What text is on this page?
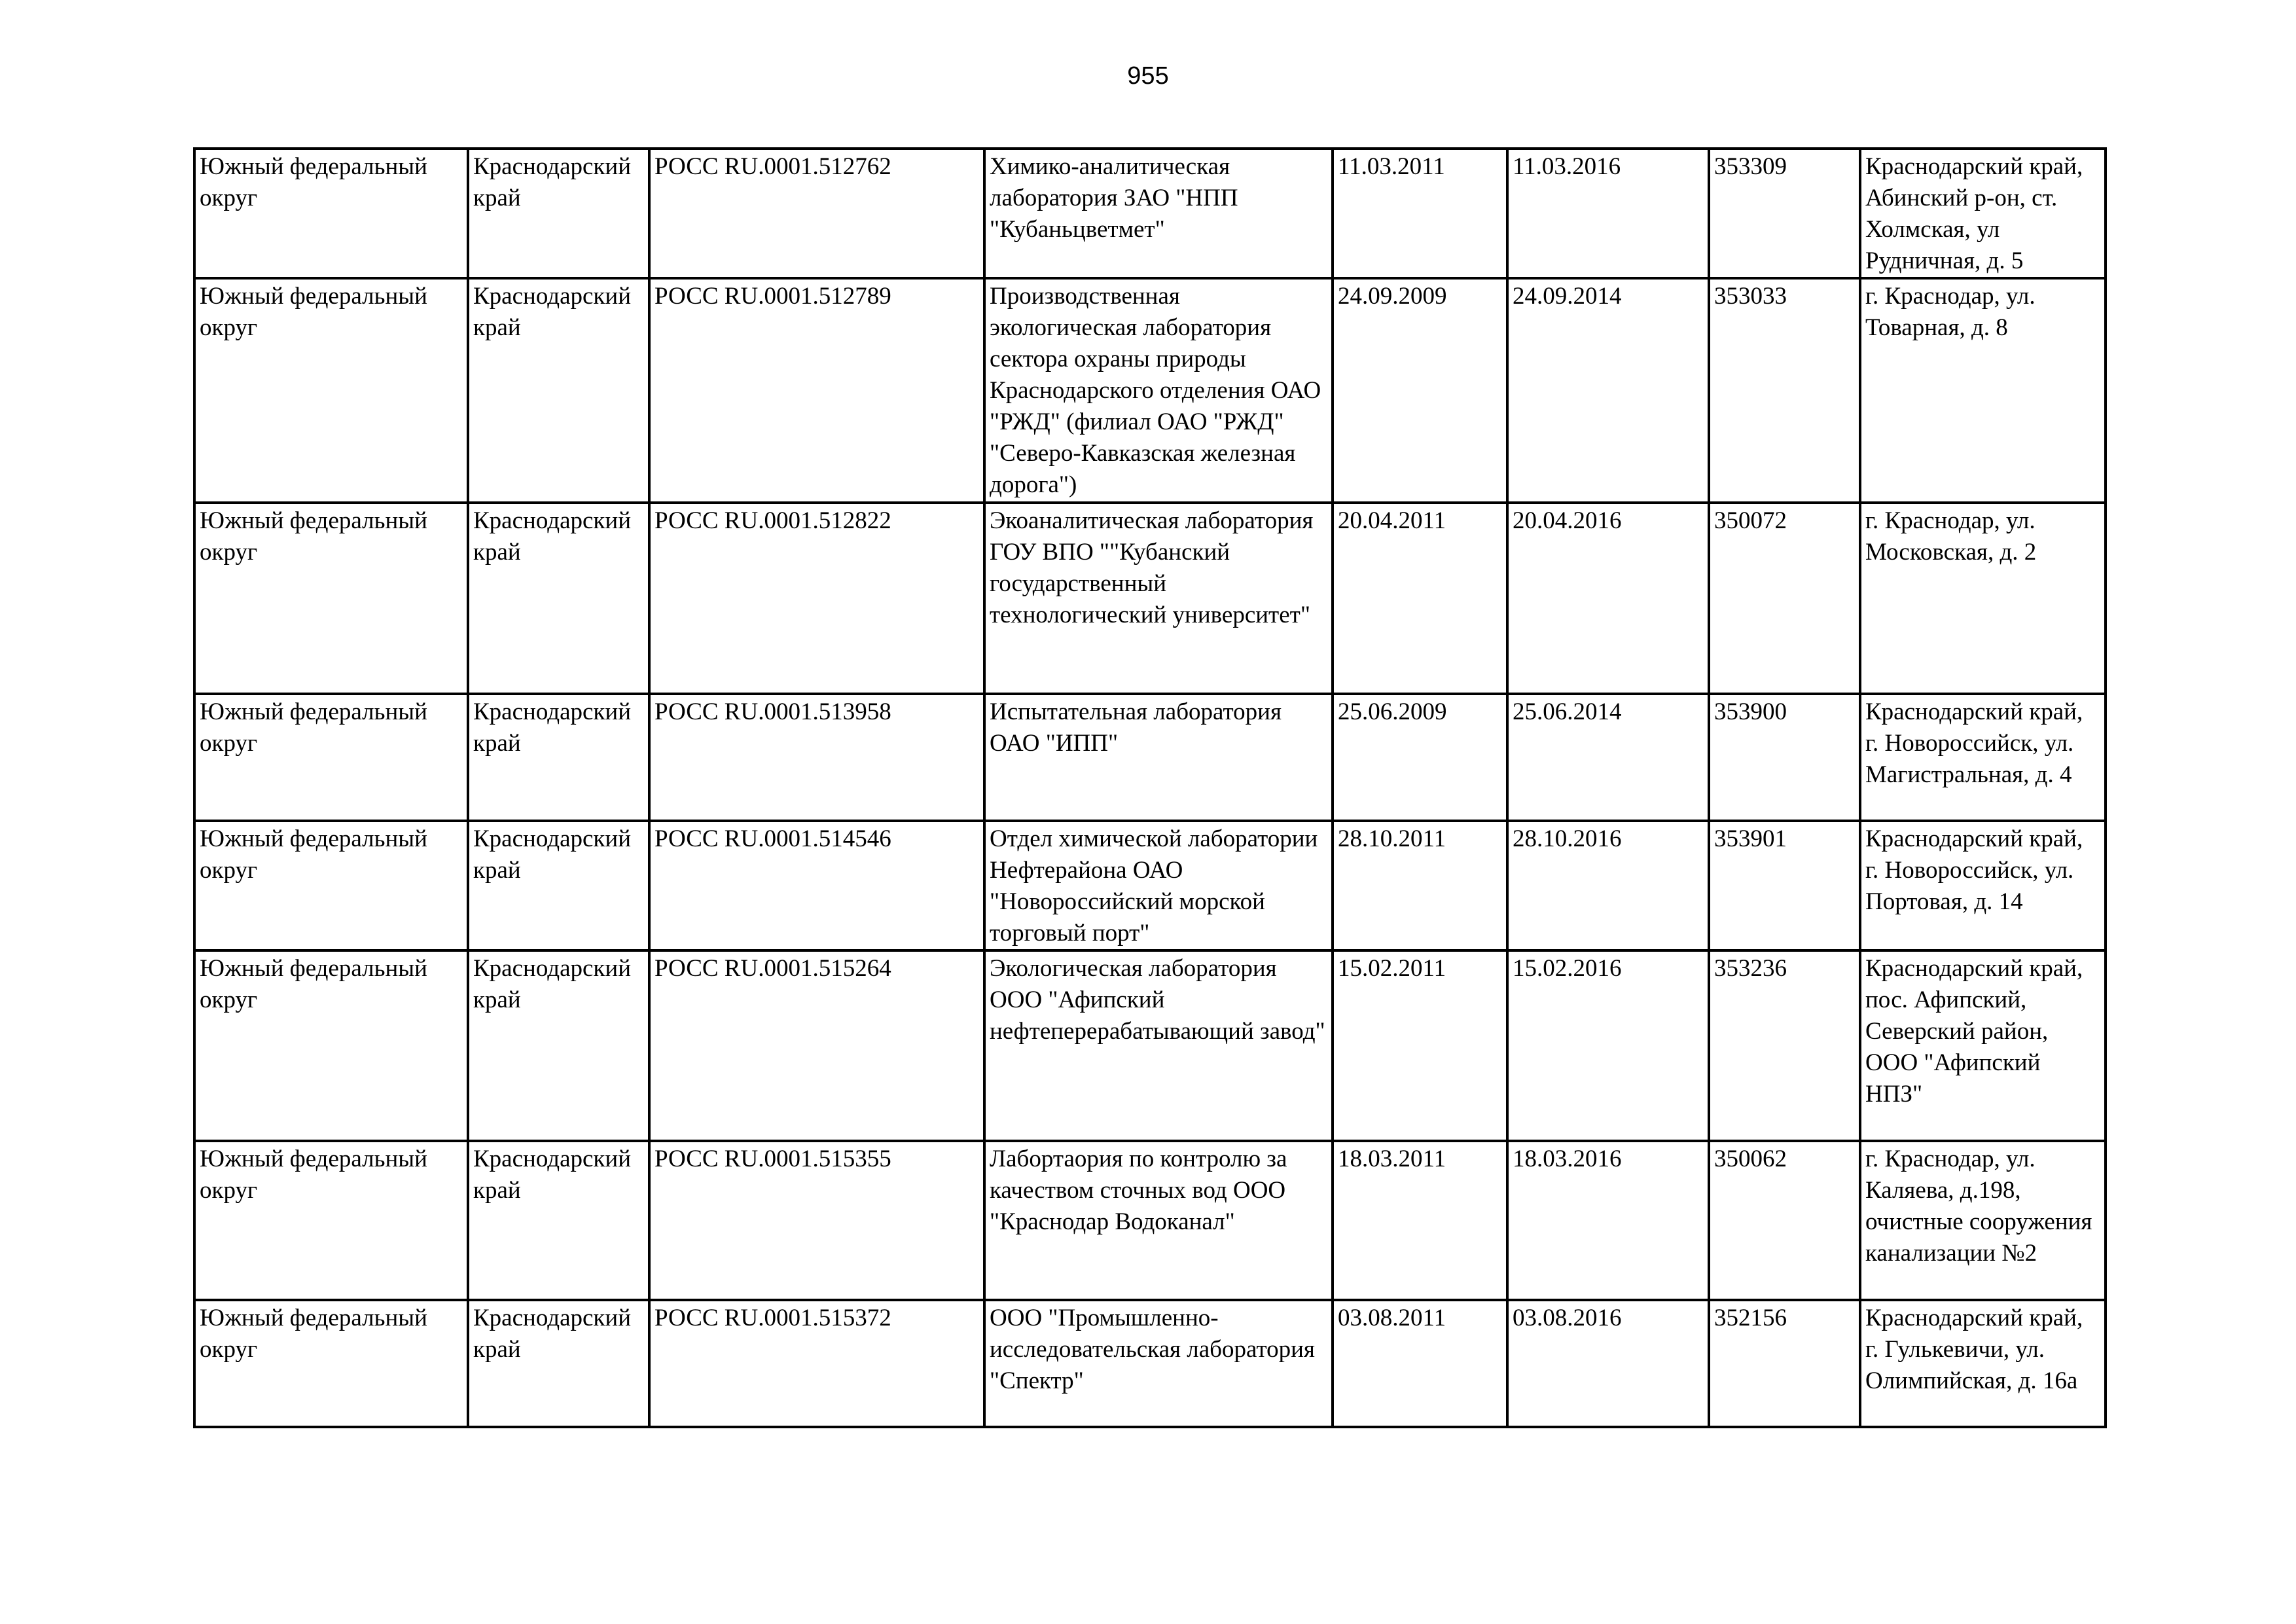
955
Южный федеральный округ	Краснодарский край	РОСС RU.0001.512762	Химико-аналитическая лаборатория ЗАО "НПП "Кубаньцветмет"	11.03.2011	11.03.2016	353309	Краснодарский край, Абинский р-он, ст. Холмская, ул Рудничная, д. 5
Южный федеральный округ	Краснодарский край	РОСС RU.0001.512789	Производственная экологическая лаборатория сектора охраны природы Краснодарского отделения ОАО "РЖД" (филиал ОАО "РЖД" "Северо-Кавказская железная дорога")	24.09.2009	24.09.2014	353033	г. Краснодар, ул. Товарная, д. 8
Южный федеральный округ	Краснодарский край	РОСС RU.0001.512822	Экоаналитическая лаборатория ГОУ ВПО ""Кубанский государственный технологический университет"	20.04.2011	20.04.2016	350072	г. Краснодар, ул. Московская, д. 2
Южный федеральный округ	Краснодарский край	РОСС RU.0001.513958	Испытательная лаборатория ОАО "ИПП"	25.06.2009	25.06.2014	353900	Краснодарский край, г. Новороссийск, ул. Магистральная, д. 4
Южный федеральный округ	Краснодарский край	РОСС RU.0001.514546	Отдел химической лаборатории Нефтерайона ОАО "Новороссийский морской торговый порт"	28.10.2011	28.10.2016	353901	Краснодарский край, г. Новороссийск, ул. Портовая, д. 14
Южный федеральный округ	Краснодарский край	РОСС RU.0001.515264	Экологическая лаборатория ООО "Афипский нефтеперерабатывающий завод"	15.02.2011	15.02.2016	353236	Краснодарский край, пос. Афипский, Северский район, ООО "Афипский НПЗ"
Южный федеральный округ	Краснодарский край	РОСС RU.0001.515355	Лабортаория по контролю за качеством сточных вод ООО "Краснодар Водоканал"	18.03.2011	18.03.2016	350062	г. Краснодар, ул. Каляева, д.198, очистные сооружения канализации №2
Южный федеральный округ	Краснодарский край	РОСС RU.0001.515372	ООО "Промышленно-исследовательская лаборатория "Спектр"	03.08.2011	03.08.2016	352156	Краснодарский край, г. Гулькевичи, ул. Олимпийская, д. 16а
